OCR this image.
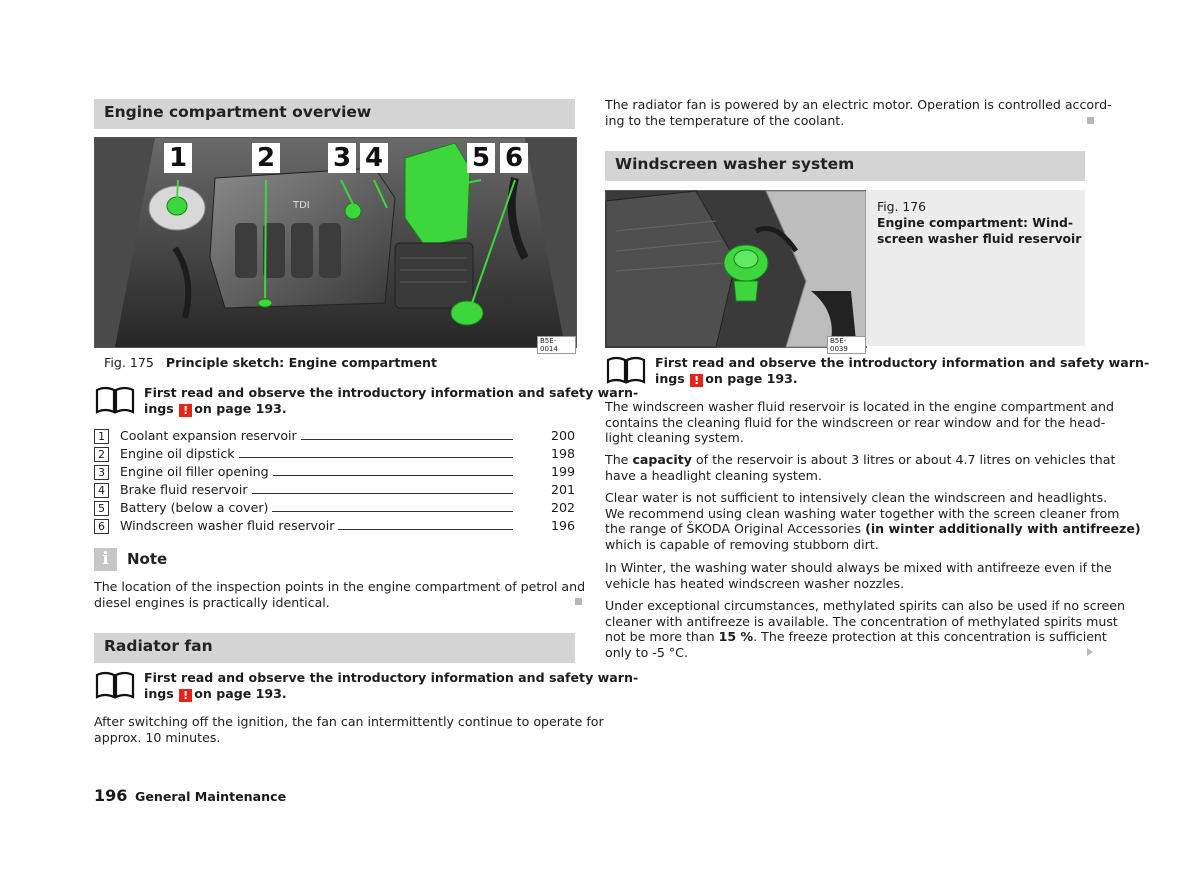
Engine compartment overview
TDI
1	2 3 4	5 6
B5E-0014
Fig. 175 Principle sketch: Engine compartment
First read and observe the introductory information and safety warn-
ings ! on page 193.
1	Coolant expansion reservoir	200
2	Engine oil dipstick	198
3	Engine oil filler opening	199
4	Brake fluid reservoir	201
5	Battery (below a cover)	202
6	Windscreen washer fluid reservoir	196
i	Note
The location of the inspection points in the engine compartment of petrol and
diesel engines is practically identical.
Radiator fan
First read and observe the introductory information and safety warn-
ings ! on page 193.
After switching off the ignition, the fan can intermittently continue to operate for
approx. 10 minutes.
196 General Maintenance
The radiator fan is powered by an electric motor. Operation is controlled accord-
ing to the temperature of the coolant.
Windscreen washer system
B5E-0039
Fig. 176
Engine compartment: Wind-
screen washer fluid reservoir
First read and observe the introductory information and safety warn-
ings ! on page 193.
The windscreen washer fluid reservoir is located in the engine compartment and
contains the cleaning fluid for the windscreen or rear window and for the head-
light cleaning system.
The capacity of the reservoir is about 3 litres or about 4.7 litres on vehicles that
have a headlight cleaning system.
Clear water is not sufficient to intensively clean the windscreen and headlights.
We recommend using clean washing water together with the screen cleaner from
the range of ŠKODA Original Accessories (in winter additionally with antifreeze)
which is capable of removing stubborn dirt.
In Winter, the washing water should always be mixed with antifreeze even if the
vehicle has heated windscreen washer nozzles.
Under exceptional circumstances, methylated spirits can also be used if no screen
cleaner with antifreeze is available. The concentration of methylated spirits must
not be more than 15 %. The freeze protection at this concentration is sufficient
only to -5 °C.
